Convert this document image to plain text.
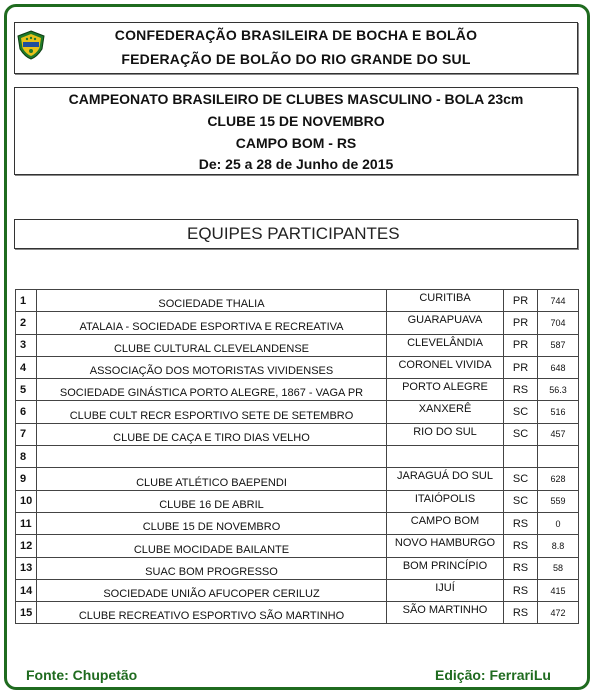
CONFEDERAÇÃO BRASILEIRA DE BOCHA E BOLÃO
FEDERAÇÃO DE BOLÃO DO RIO GRANDE DO SUL
CAMPEONATO BRASILEIRO DE CLUBES MASCULINO - BOLA 23cm
CLUBE 15 DE NOVEMBRO
CAMPO BOM - RS
De: 25 a 28 de Junho de 2015
EQUIPES PARTICIPANTES
1	SOCIEDADE THALIA	CURITIBA	PR	744
2	ATALAIA - SOCIEDADE ESPORTIVA E RECREATIVA	GUARAPUAVA	PR	704
3	CLUBE CULTURAL CLEVELANDENSE	CLEVELÂNDIA	PR	587
4	ASSOCIAÇÃO DOS MOTORISTAS VIVIDENSES	CORONEL VIVIDA	PR	648
5	SOCIEDADE GINÁSTICA PORTO ALEGRE, 1867 - VAGA PR	PORTO ALEGRE	RS	56.3
6	CLUBE CULT RECR ESPORTIVO SETE DE SETEMBRO	XANXERÊ	SC	516
7	CLUBE DE CAÇA E TIRO DIAS VELHO	RIO DO SUL	SC	457
8				
9	CLUBE ATLÉTICO BAEPENDI	JARAGUÁ DO SUL	SC	628
10	CLUBE 16 DE ABRIL	ITAIÓPOLIS	SC	559
11	CLUBE 15 DE NOVEMBRO	CAMPO BOM	RS	0
12	CLUBE MOCIDADE BAILANTE	NOVO HAMBURGO	RS	8.8
13	SUAC BOM PROGRESSO	BOM PRINCÍPIO	RS	58
14	SOCIEDADE UNIÃO AFUCOPER CERILUZ	IJUÍ	RS	415
15	CLUBE RECREATIVO ESPORTIVO SÃO MARTINHO	SÃO MARTINHO	RS	472
Fonte: Chupetão	Edição: FerrariLu
